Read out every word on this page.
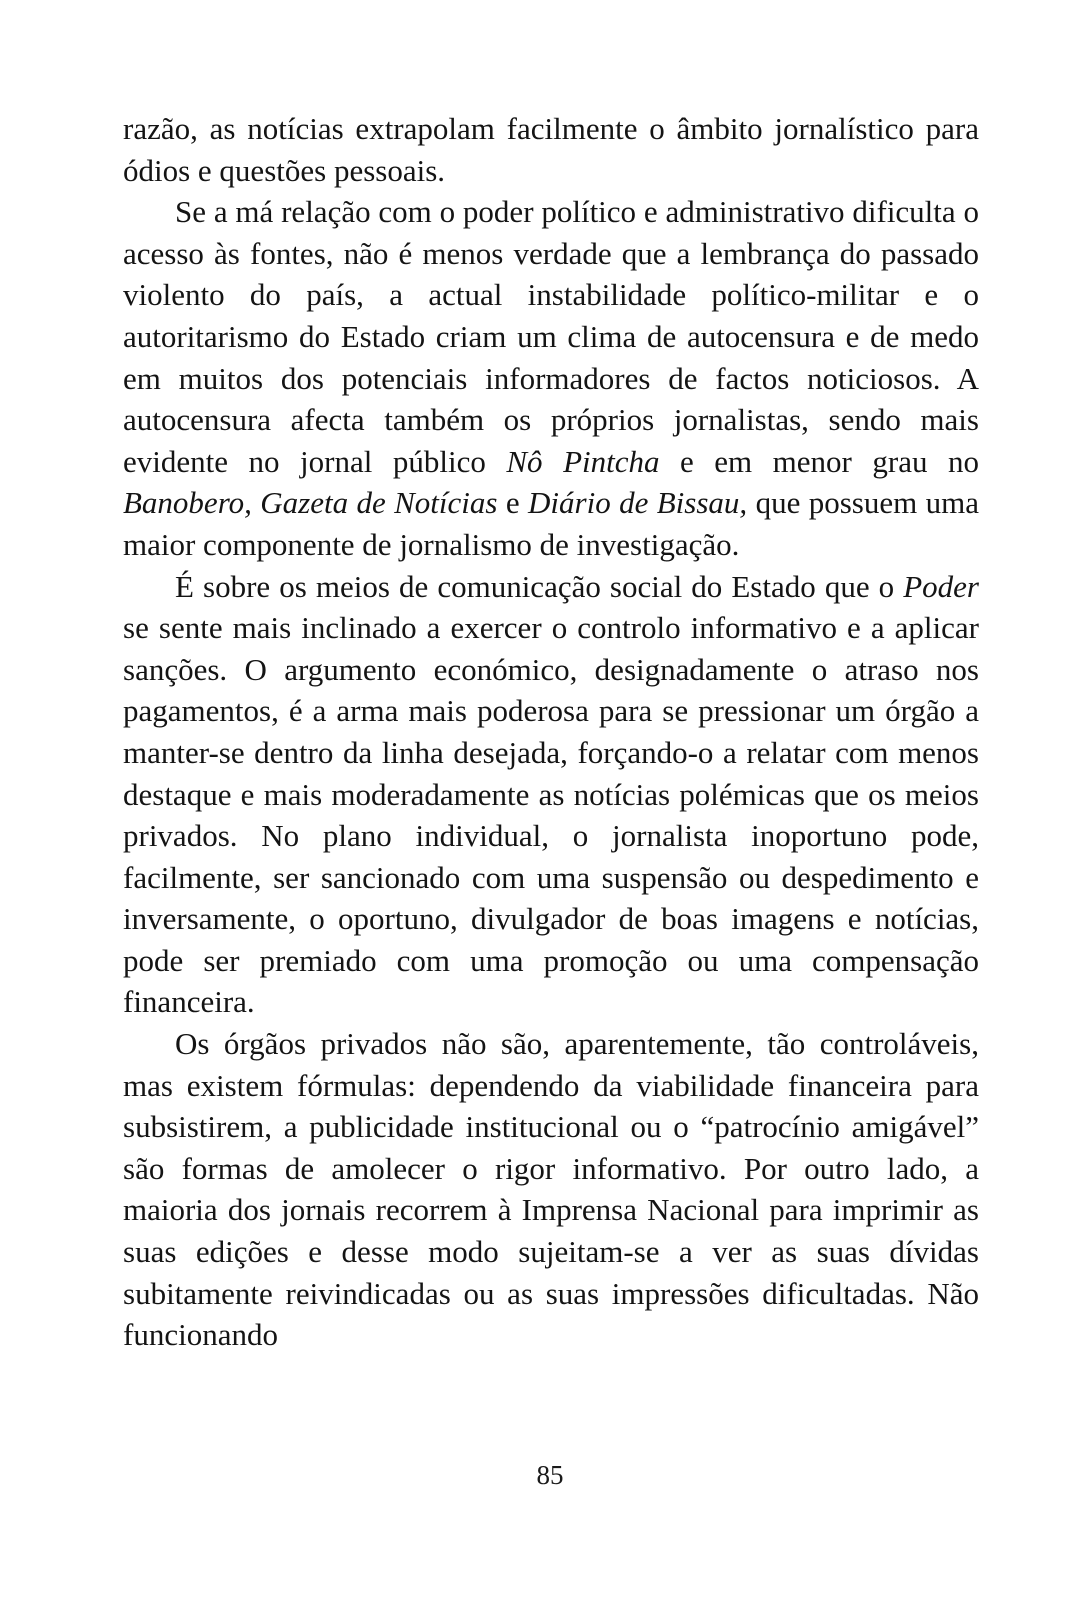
razão, as notícias extrapolam facilmente o âmbito jornalístico para ódios e questões pessoais.

Se a má relação com o poder político e administrativo dificulta o acesso às fontes, não é menos verdade que a lembrança do passado violento do país, a actual instabilidade político-militar e o autoritarismo do Estado criam um clima de autocensura e de medo em muitos dos potenciais informadores de factos noticiosos. A autocensura afecta também os próprios jornalistas, sendo mais evidente no jornal público Nô Pintcha e em menor grau no Banobero, Gazeta de Notícias e Diário de Bissau, que possuem uma maior componente de jornalismo de investigação.

É sobre os meios de comunicação social do Estado que o Poder se sente mais inclinado a exercer o controlo informativo e a aplicar sanções. O argumento económico, designadamente o atraso nos pagamentos, é a arma mais poderosa para se pressionar um órgão a manter-se dentro da linha desejada, forçando-o a relatar com menos destaque e mais moderadamente as notícias polémicas que os meios privados. No plano individual, o jornalista inoportuno pode, facilmente, ser sancionado com uma suspensão ou despedimento e inversamente, o oportuno, divulgador de boas imagens e notícias, pode ser premiado com uma promoção ou uma compensação financeira.

Os órgãos privados não são, aparentemente, tão controláveis, mas existem fórmulas: dependendo da viabilidade financeira para subsistirem, a publicidade institucional ou o “patrocínio amigável” são formas de amolecer o rigor informativo. Por outro lado, a maioria dos jornais recorrem à Imprensa Nacional para imprimir as suas edições e desse modo sujeitam-se a ver as suas dívidas subitamente reivindicadas ou as suas impressões dificultadas. Não funcionando

85
